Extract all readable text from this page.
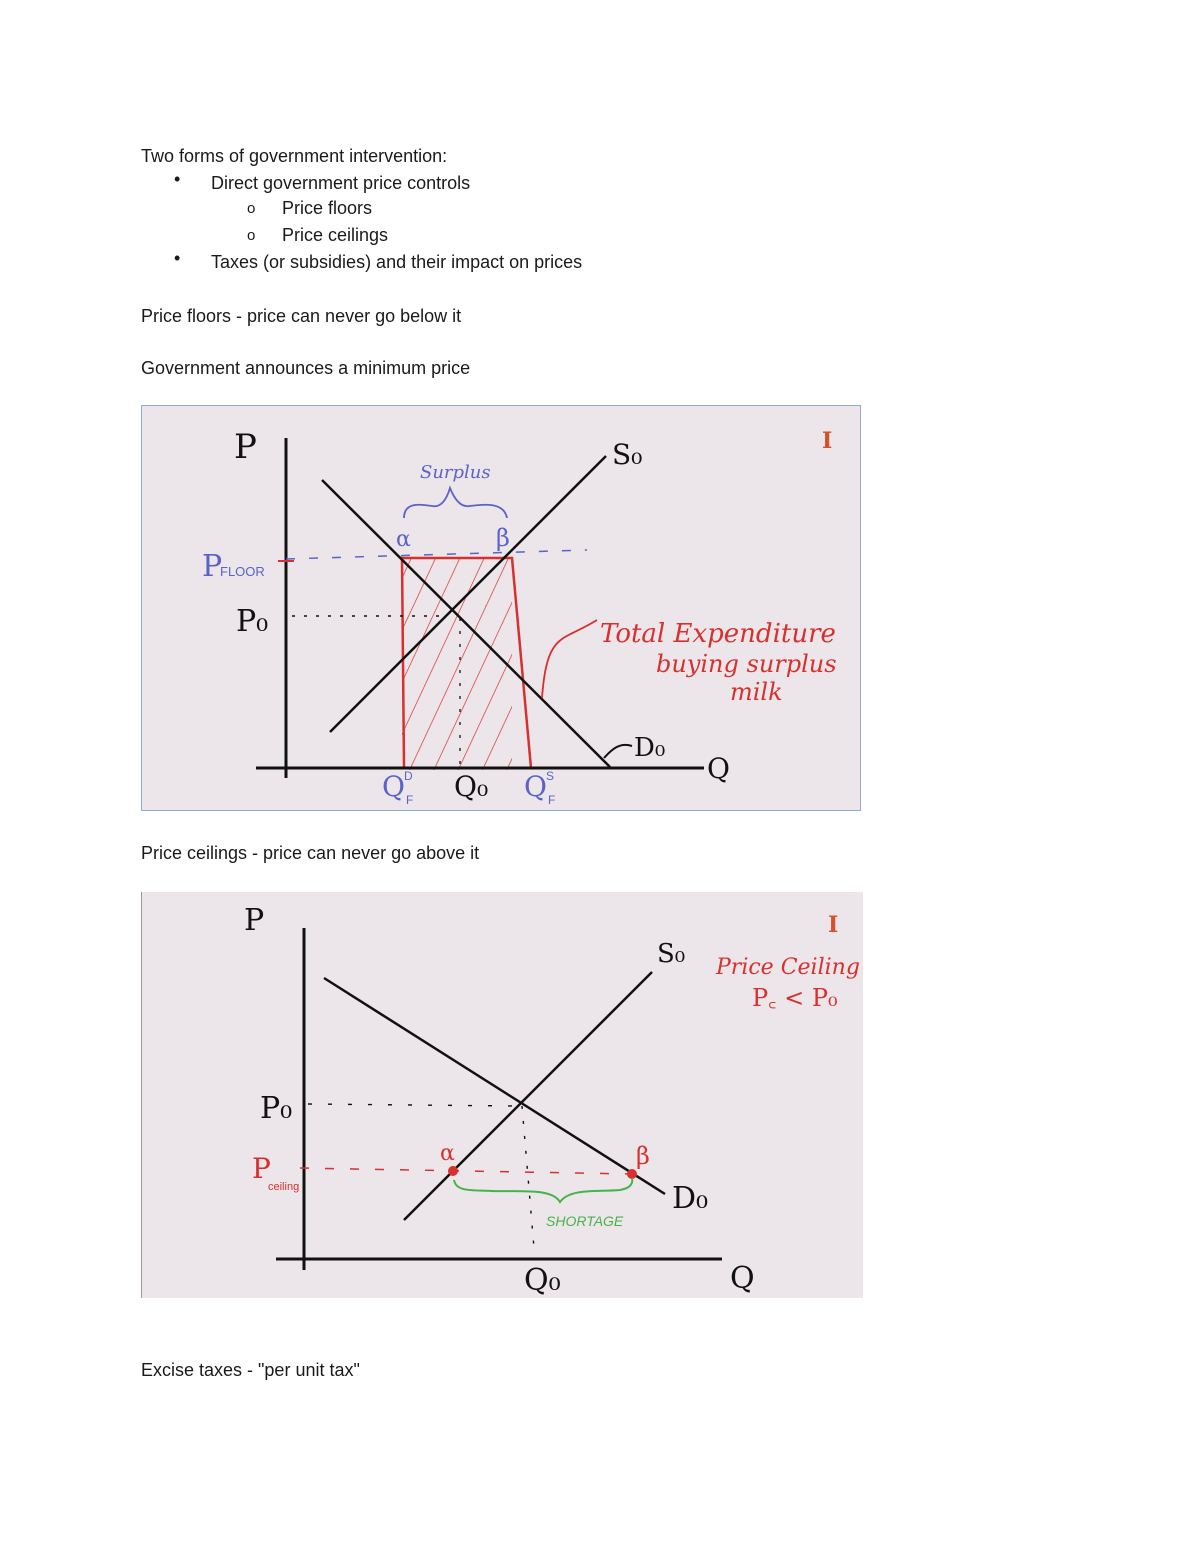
Two forms of government intervention:
• Direct government price controls
o Price floors
o Price ceilings
• Taxes (or subsidies) and their impact on prices
Price floors - price can never go below it
Government announces a minimum price
P
Q
S₀
D₀
Surplus
α	β
P
FLOOR
P₀
Q D
F Q₀ Q S
F
Total Expenditure
buying surplus
milk
I
Price ceilings - price can never go above it
P
Q
S₀
D₀
P₀
P
ceiling
α	β
SHORTAGE
Q₀
Price Ceiling
P꜀ < P₀
I
Excise taxes - "per unit tax"
